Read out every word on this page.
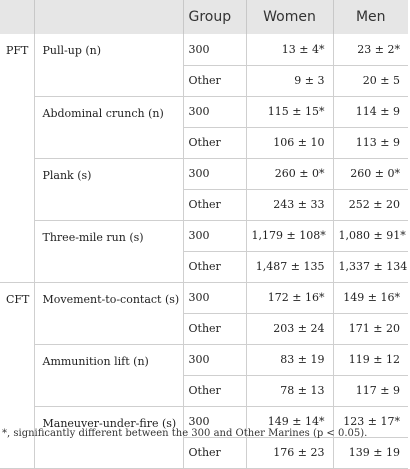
		Group	Women	Men
PFT	Pull-up (n)	300	13 ± 4*	23 ± 2*
		Other	9 ± 3	20 ± 5
	Abdominal crunch (n)	300	115 ± 15*	114 ± 9
		Other	106 ± 10	113 ± 9
	Plank (s)	300	260 ± 0*	260 ± 0*
		Other	243 ± 33	252 ± 20
	Three-mile run (s)	300	1,179 ± 108*	1,080 ± 91*
		Other	1,487 ± 135	1,337 ± 134
CFT	Movement-to-contact (s)	300	172 ± 16*	149 ± 16*
		Other	203 ± 24	171 ± 20
	Ammunition lift (n)	300	83 ± 19	119 ± 12
		Other	78 ± 13	117 ± 9
	Maneuver-under-fire (s)	300	149 ± 14*	123 ± 17*
		Other	176 ± 23	139 ± 19
*, significantly different between the 300 and Other Marines (p < 0.05).
